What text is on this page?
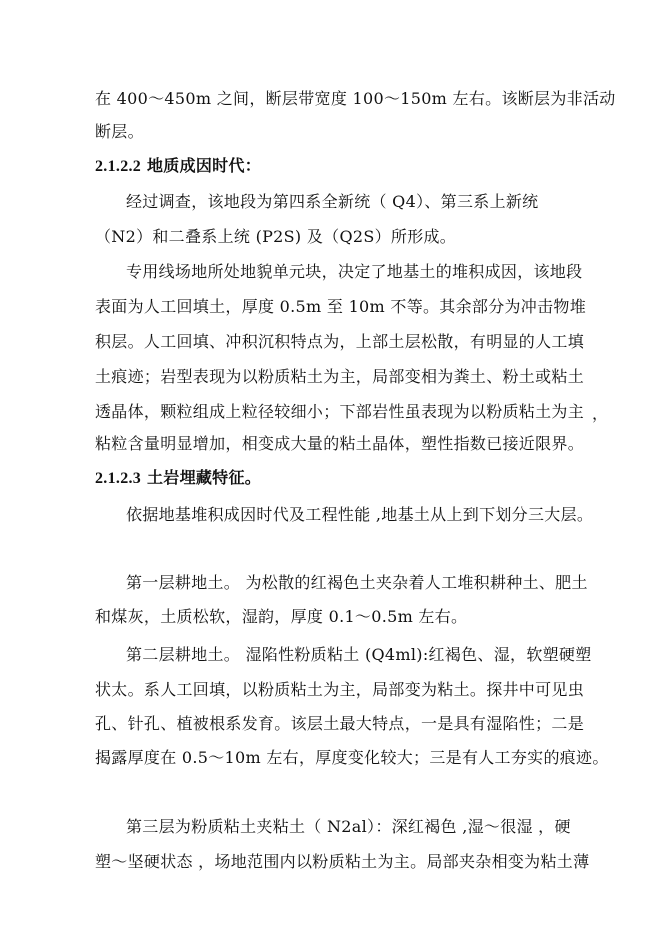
在 400～450m 之间，断层带宽度 100～150m 左右。该断层为非活动
断层。
2.1.2.2 地质成因时代：
经过调查，该地段为第四系全新统（ Q4）、第三系上新统
（N2）和二叠系上统 (P2S) 及（Q2S）所形成。
专用线场地所处地貌单元块，决定了地基土的堆积成因，该地段
表面为人工回填土，厚度 0.5m 至 10m 不等。其余部分为冲击物堆
积层。人工回填、冲积沉积特点为，上部土层松散，有明显的人工填
土痕迹；岩型表现为以粉质粘土为主，局部变相为粪土、粉土或粘土
透晶体，颗粒组成上粒径较细小；下部岩性虽表现为以粉质粘土为主 ，
粘粒含量明显增加，相变成大量的粘土晶体，塑性指数已接近限界。
2.1.2.3 土岩埋藏特征。
依据地基堆积成因时代及工程性能 ,地基土从上到下划分三大层。
第一层耕地土。 为松散的红褐色土夹杂着人工堆积耕种土、肥土
和煤灰，土质松软，湿韵，厚度 0.1～0.5m 左右。
第二层耕地土。 湿陷性粉质粘土 (Q4ml):红褐色、湿，软塑硬塑
状太。系人工回填，以粉质粘土为主，局部变为粘土。探井中可见虫
孔、针孔、植被根系发育。该层土最大特点，一是具有湿陷性；二是
揭露厚度在 0.5～10m 左右，厚度变化较大；三是有人工夯实的痕迹。
第三层为粉质粘土夹粘土（ N2al）：深红褐色 ,湿～很湿 ，硬
塑～坚硬状态 ，场地范围内以粉质粘土为主。局部夹杂相变为粘土薄
